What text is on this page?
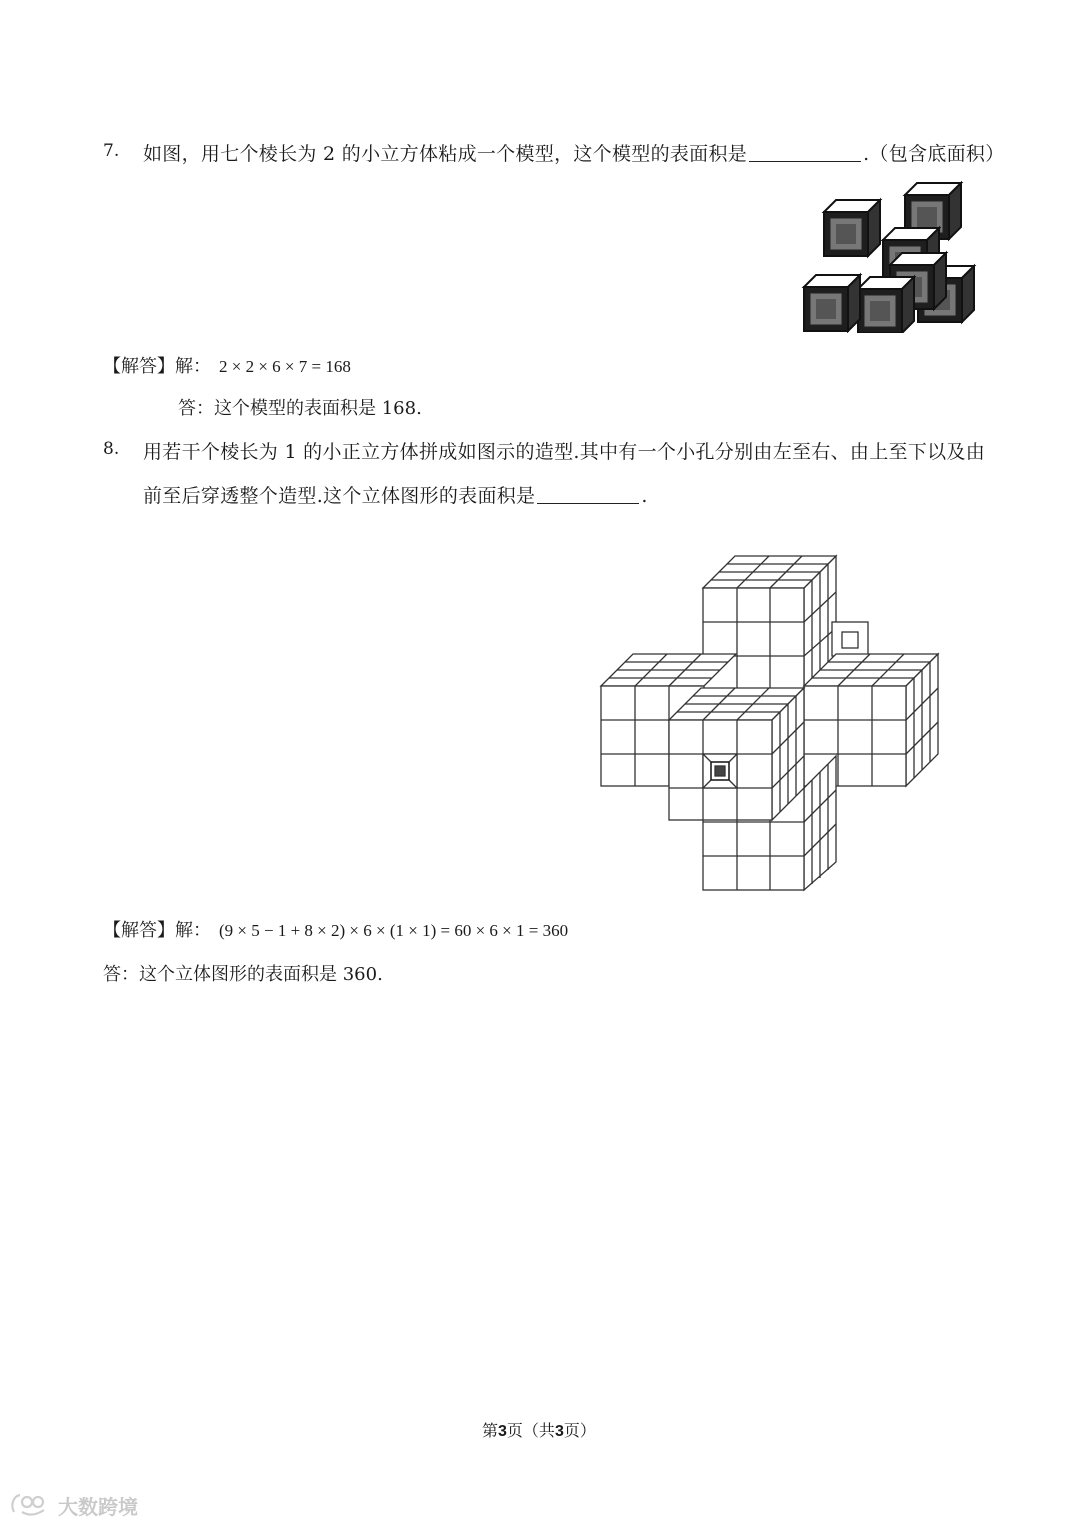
7. 如图，用七个棱长为 2 的小立方体粘成一个模型，这个模型的表面积是	.（包含底面积）
【解答】解： 2 × 2 × 6 × 7 = 168
答：这个模型的表面积是 168.
8. 用若干个棱长为 1 的小正立方体拼成如图示的造型.其中有一个小孔分别由左至右、由上至下以及由
前至后穿透整个造型.这个立体图形的表面积是	.
【解答】解： (9 × 5 − 1 + 8 × 2) × 6 × (1 × 1) = 60 × 6 × 1 = 360
答：这个立体图形的表面积是 360.
第3页（共3页）
大数跨境
